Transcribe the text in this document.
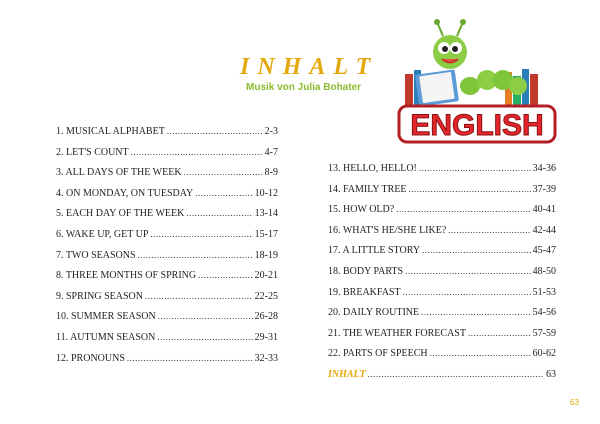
INHALT
Musik von Julia Bohater
ENGLISH
1. MUSICAL ALPHABET .....	2-3
2. LET'S COUNT .....	4-7
3. ALL DAYS OF THE WEEK .....	8-9
4. ON MONDAY, ON TUESDAY .....	10-12
5. EACH DAY OF THE WEEK .....	13-14
6. WAKE UP, GET UP .....	15-17
7. TWO SEASONS .....	18-19
8. THREE MONTHS OF SPRING .....	20-21
9. SPRING SEASON .....	22-25
10. SUMMER SEASON .....	26-28
11. AUTUMN SEASON .....	29-31
12. PRONOUNS .....	32-33
13. HELLO, HELLO! .....	34-36
14. FAMILY TREE .....	37-39
15. HOW OLD? .....	40-41
16. WHAT'S HE/SHE LIKE? .....	42-44
17. A LITTLE STORY .....	45-47
18. BODY PARTS .....	48-50
19. BREAKFAST .....	51-53
20. DAILY ROUTINE .....	54-56
21. THE WEATHER FORECAST .....	57-59
22. PARTS OF SPEECH .....	60-62
INHALT .....	63
63
